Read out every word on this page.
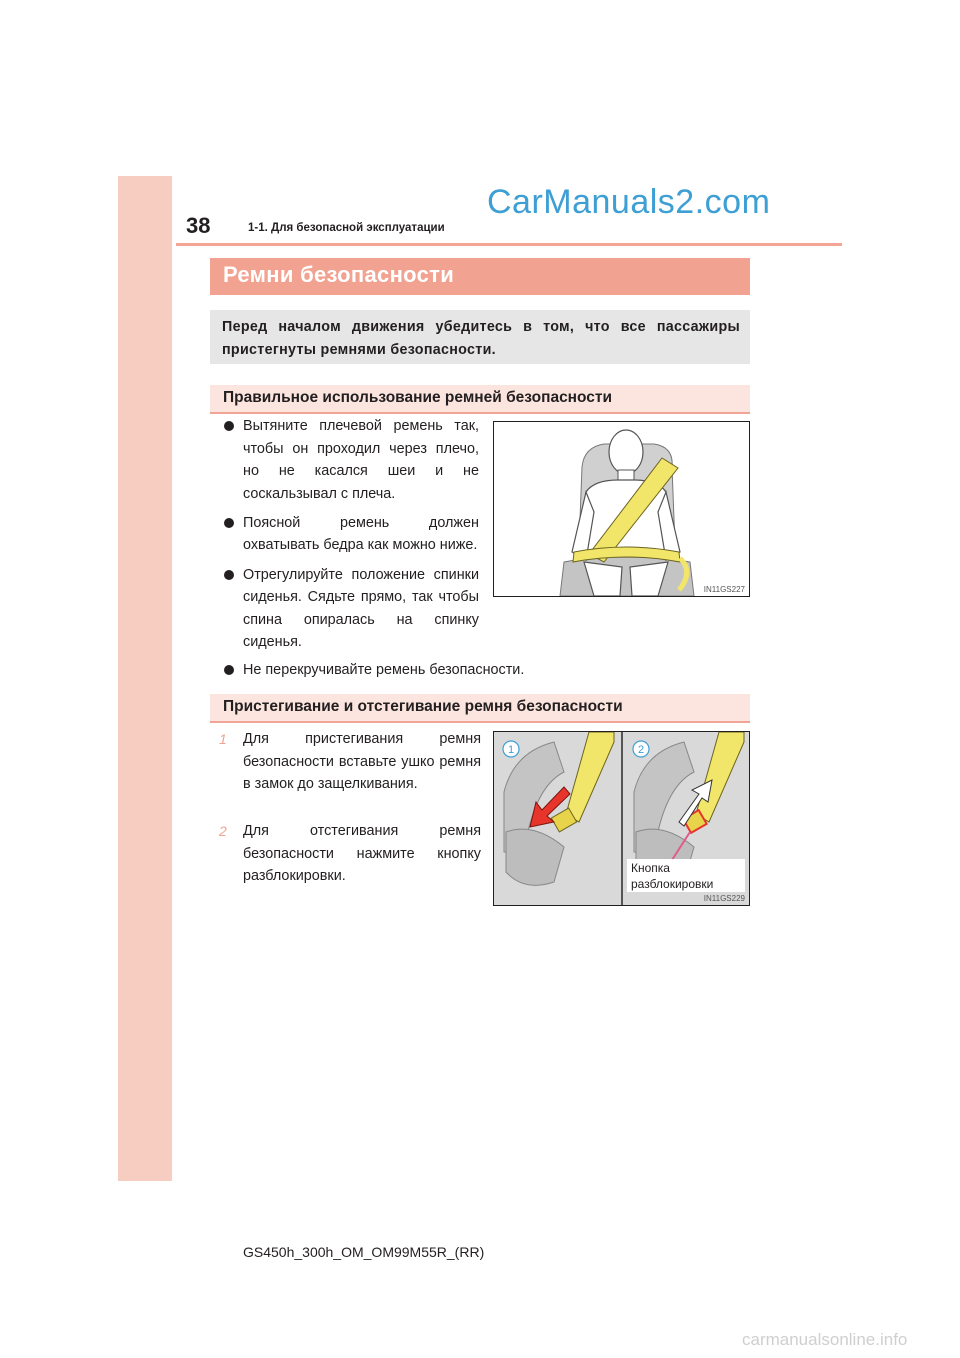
38	1-1. Для безопасной эксплуатации
CarManuals2.com
Ремни безопасности
Перед началом движения убедитесь в том, что все пассажиры пристегнуты ремнями безопасности.
Правильное использование ремней безопасности
Вытяните плечевой ремень так, чтобы он проходил через плечо, но не касался шеи и не соскальзывал с плеча.
Поясной ремень должен охватывать бедра как можно ниже.
Отрегулируйте положение спинки сиденья. Сядьте прямо, так чтобы спина опиралась на спинку сиденья.
Не перекручивайте ремень безопасности.
IN11GS227
Пристегивание и отстегивание ремня безопасности
1	Для пристегивания ремня безопасности вставьте ушко ремня в замок до защелкивания.
2	Для отстегивания ремня безопасности нажмите кнопку разблокировки.
1	2
Кнопка разблокировки
IN11GS229
GS450h_300h_OM_OM99M55R_(RR)
carmanualsonline.info
